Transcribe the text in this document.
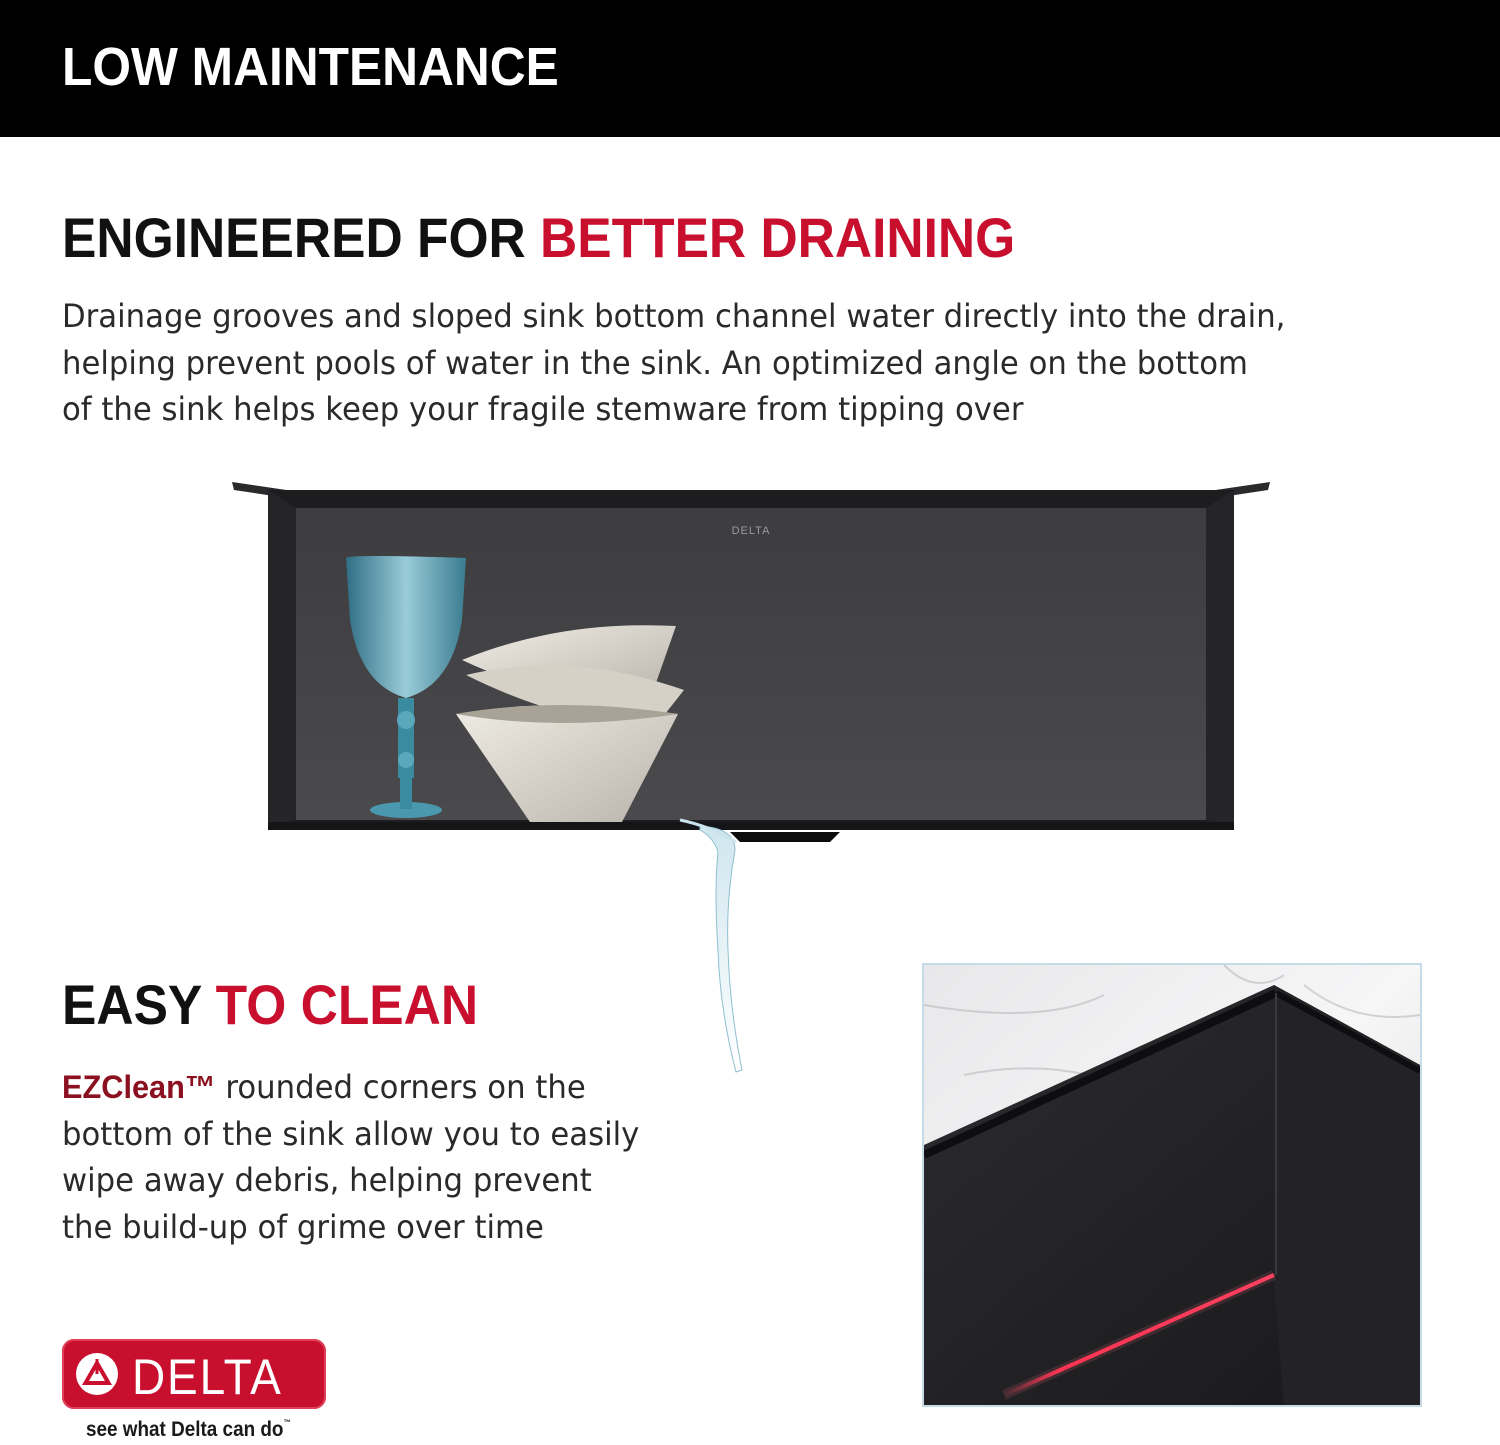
LOW MAINTENANCE
ENGINEERED FOR BETTER DRAINING

Drainage grooves and sloped sink bottom channel water directly into the drain,
helping prevent pools of water in the sink. An optimized angle on the bottom
of the sink helps keep your fragile stemware from tipping over

DELTA
EASY TO CLEAN

EZClean™ rounded corners on the
bottom of the sink allow you to easily
wipe away debris, helping prevent
the build-up of grime over time

DELTA
see what Delta can do™
